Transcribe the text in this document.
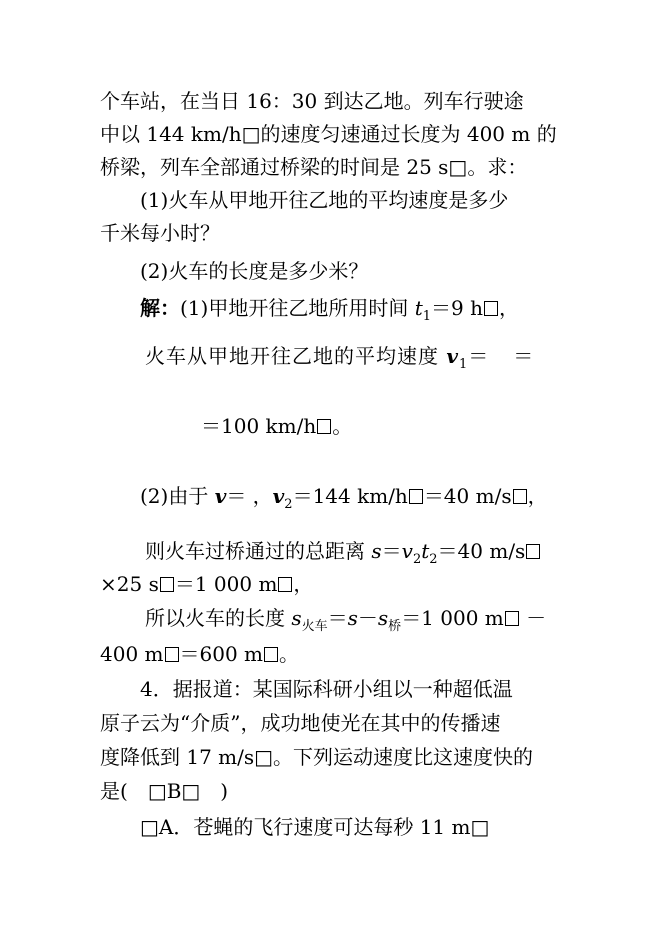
个车站，在当日 16：30 到达乙地。列车行驶途
中以 144 km/h□的速度匀速通过长度为 400 m 的
桥梁，列车全部通过桥梁的时间是 25 s□。求：
(1)火车从甲地开往乙地的平均速度是多少
千米每小时？
(2)火车的长度是多少米？
解：(1)甲地开往乙地所用时间 $t_1=9$ h ，
火车从甲地开往乙地的平均速度 $v_1=$ ＝
＝100 km/h 。
(2)由于 v＝ ，$v_2=144$ km/h ＝40 m/s ，
则火车过桥通过的总距离 $s=v_2t_2=40$ m/s
×25 s ＝1 000 m ，
所以火车的长度 $s_{火车}=s-s_桥=1$ 000 m －
400 m ＝600 m 。
4．据报道：某国际科研小组以一种超低温
原子云为“介质”，成功地使光在其中的传播速
度降低到 17 m/s□。下列运动速度比这速度快的
是(　□B□　)
□A．苍蝇的飞行速度可达每秒 11 m□
